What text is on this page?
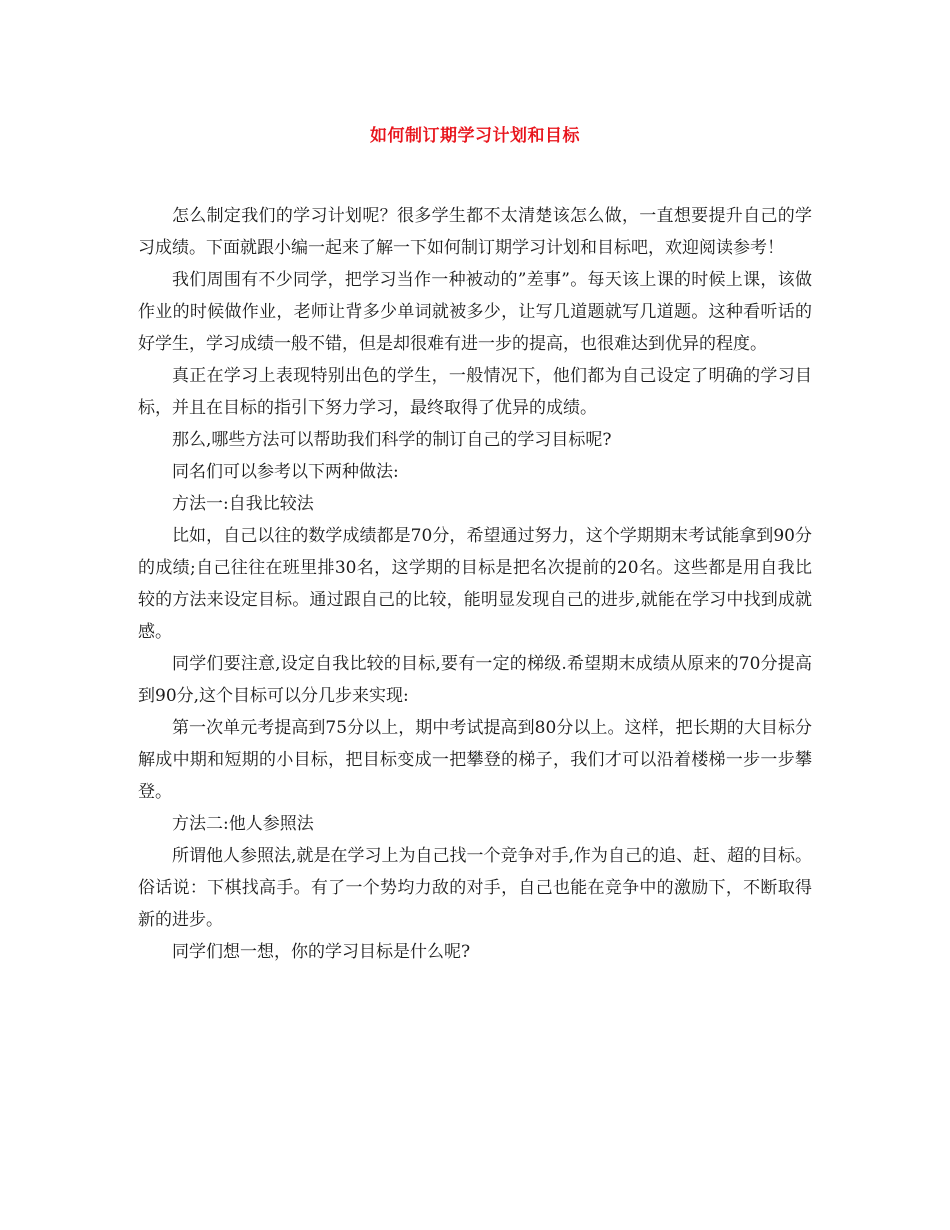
如何制订期学习计划和目标

怎么制定我们的学习计划呢？很多学生都不太清楚该怎么做，一直想要提升自己的学习成绩。下面就跟小编一起来了解一下如何制订期学习计划和目标吧，欢迎阅读参考！

我们周围有不少同学，把学习当作一种被动的”差事”。每天该上课的时候上课，该做作业的时候做作业，老师让背多少单词就被多少，让写几道题就写几道题。这种看听话的好学生，学习成绩一般不错，但是却很难有进一步的提高，也很难达到优异的程度。

真正在学习上表现特别出色的学生，一般情况下，他们都为自己设定了明确的学习目标，并且在目标的指引下努力学习，最终取得了优异的成绩。

那么,哪些方法可以帮助我们科学的制订自己的学习目标呢?

同名们可以参考以下两种做法:

方法一:自我比较法

比如，自己以往的数学成绩都是70分，希望通过努力，这个学期期末考试能拿到90分的成绩;自己往往在班里排30名，这学期的目标是把名次提前的20名。这些都是用自我比较的方法来设定目标。通过跟自己的比较，能明显发现自己的进步,就能在学习中找到成就感。

同学们要注意,设定自我比较的目标,要有一定的梯级.希望期末成绩从原来的70分提高到90分,这个目标可以分几步来实现:

第一次单元考提高到75分以上，期中考试提高到80分以上。这样，把长期的大目标分解成中期和短期的小目标，把目标变成一把攀登的梯子，我们才可以沿着楼梯一步一步攀登。

方法二:他人参照法

所谓他人参照法,就是在学习上为自己找一个竞争对手,作为自己的追、赶、超的目标。俗话说：下棋找高手。有了一个势均力敌的对手，自己也能在竞争中的激励下，不断取得新的进步。

同学们想一想，你的学习目标是什么呢?
